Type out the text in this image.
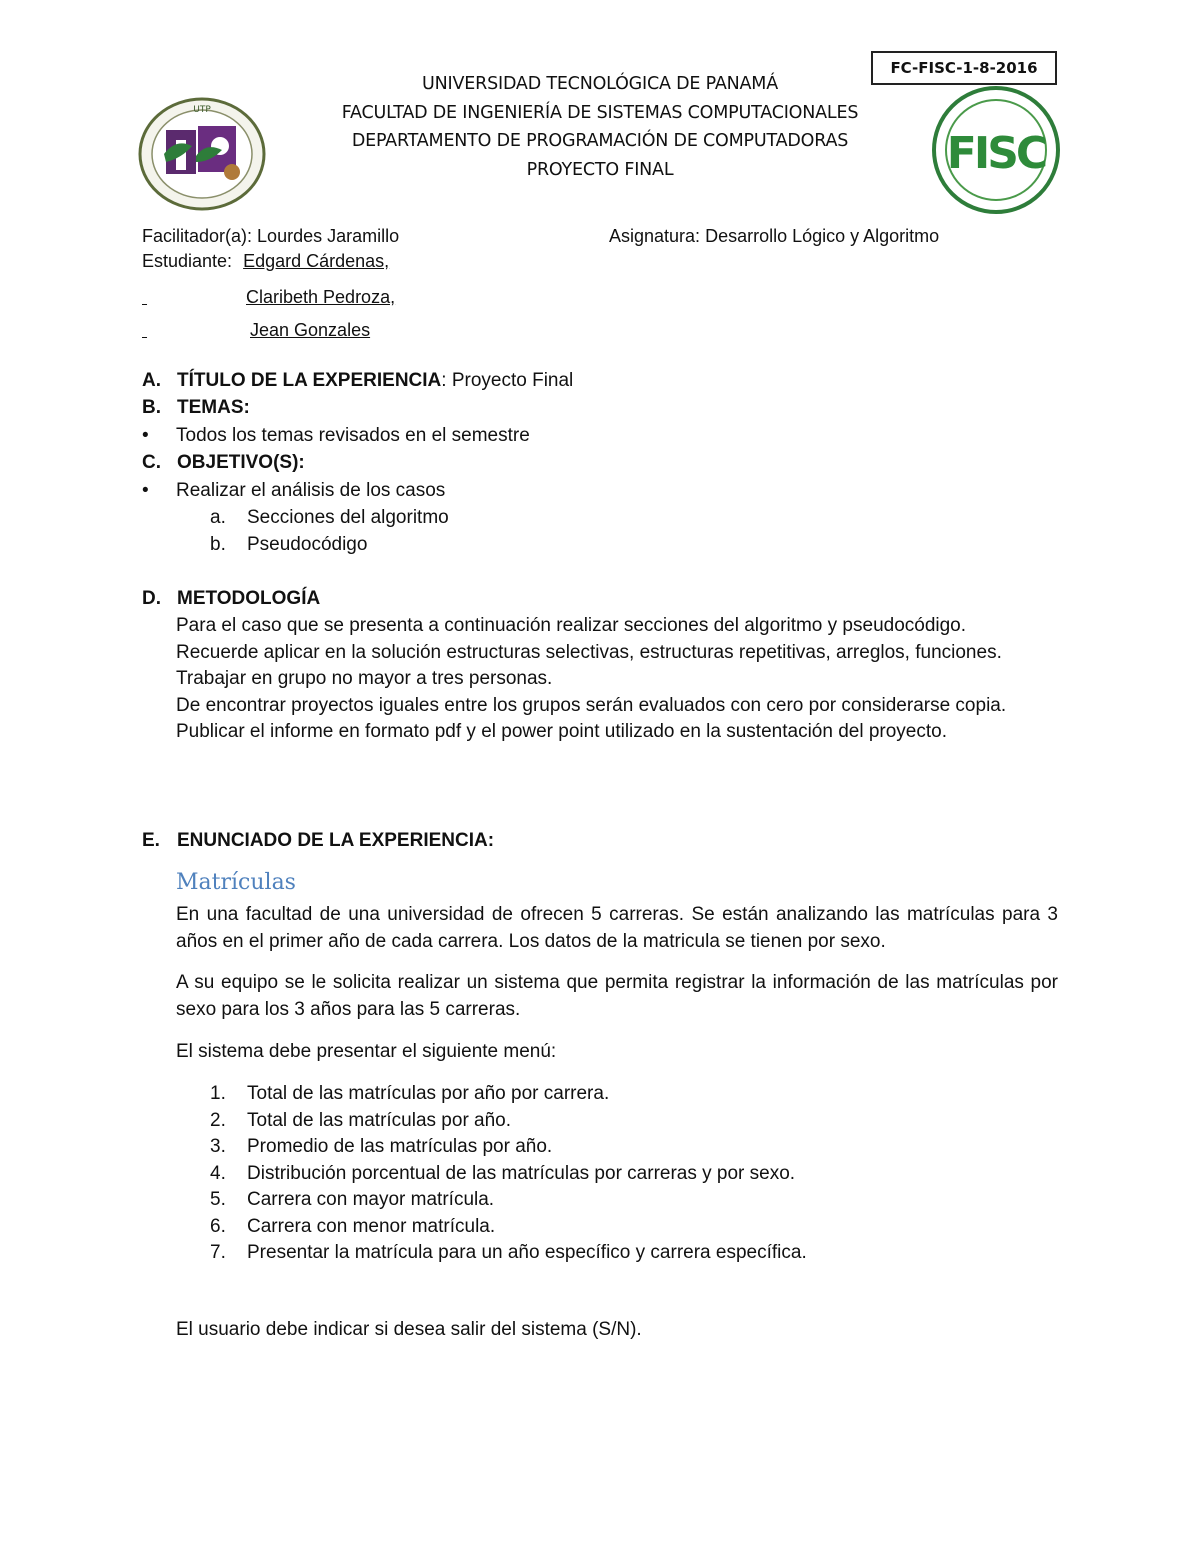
FC-FISC-1-8-2016
UTP
FISC
UNIVERSIDAD TECNOLÓGICA DE PANAMÁ
FACULTAD DE INGENIERÍA DE SISTEMAS COMPUTACIONALES
DEPARTAMENTO DE PROGRAMACIÓN DE COMPUTADORAS
PROYECTO FINAL
Facilitador(a): Lourdes Jaramillo	Asignatura: Desarrollo Lógico y Algoritmo
Estudiante: Edgard Cárdenas,
Claribeth Pedroza,
Jean Gonzales
A. TÍTULO DE LA EXPERIENCIA: Proyecto Final
B. TEMAS:
• Todos los temas revisados en el semestre
C. OBJETIVO(S):
• Realizar el análisis de los casos
a. Secciones del algoritmo
b. Pseudocódigo
D. METODOLOGÍA

Para el caso que se presenta a continuación realizar secciones del algoritmo y pseudocódigo.

Recuerde aplicar en la solución estructuras selectivas, estructuras repetitivas, arreglos, funciones.

Trabajar en grupo no mayor a tres personas.

De encontrar proyectos iguales entre los grupos serán evaluados con cero por considerarse copia.

Publicar el informe en formato pdf y el power point utilizado en la sustentación del proyecto.

E. ENUNCIADO DE LA EXPERIENCIA:
Matrículas
En una facultad de una universidad de ofrecen 5 carreras. Se están analizando las matrículas para 3 años en el primer año de cada carrera. Los datos de la matricula se tienen por sexo.
A su equipo se le solicita realizar un sistema que permita registrar la información de las matrículas por sexo para los 3 años para las 5 carreras.
El sistema debe presentar el siguiente menú:
1. Total de las matrículas por año por carrera.
2. Total de las matrículas por año.
3. Promedio de las matrículas por año.
4. Distribución porcentual de las matrículas por carreras y por sexo.
5. Carrera con mayor matrícula.
6. Carrera con menor matrícula.
7. Presentar la matrícula para un año específico y carrera específica.
El usuario debe indicar si desea salir del sistema (S/N).
